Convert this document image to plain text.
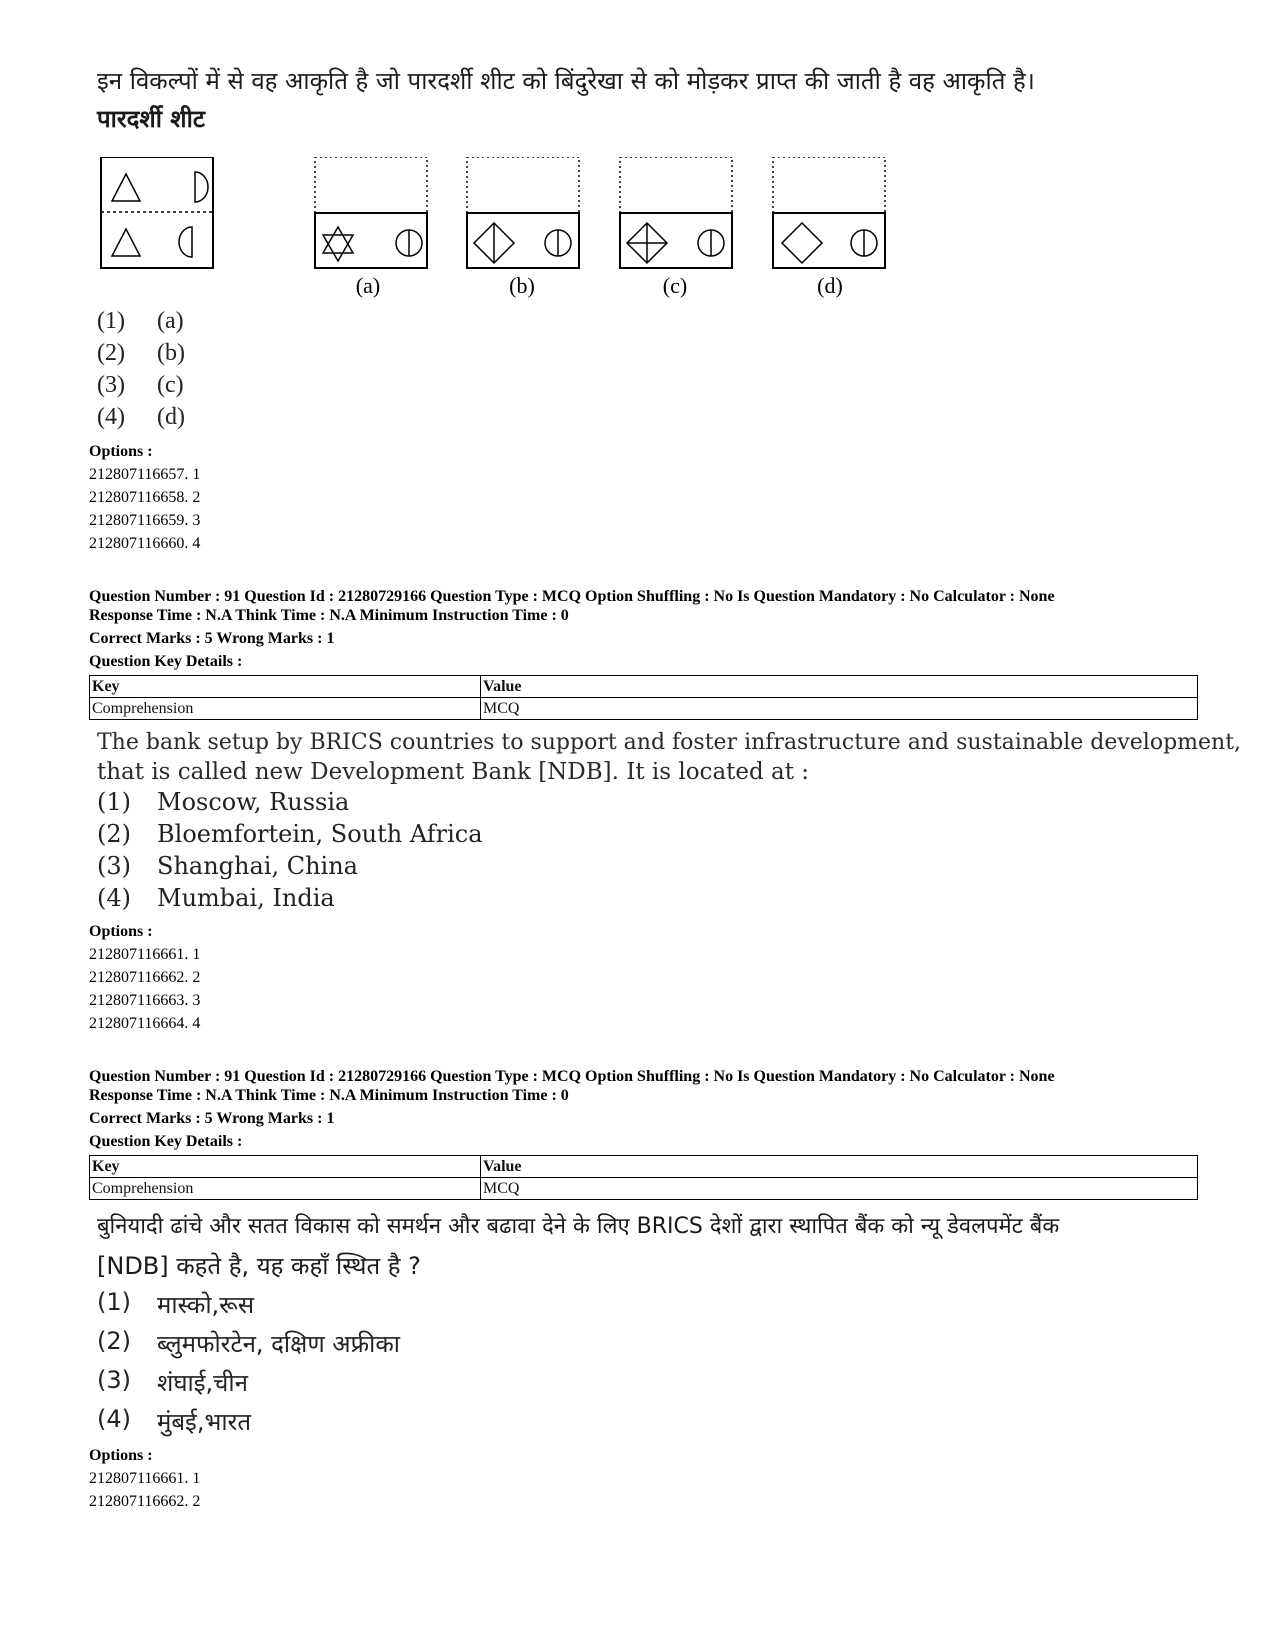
इन विकल्पों में से वह आकृति है जो पारदर्शी शीट को बिंदुरेखा से को मोड़कर प्राप्त की जाती है वह आकृति है।
पारदर्शी शीट
(a)	(b)	(c)	(d)
(1) (a)
(2) (b)
(3) (c)
(4) (d)
Options :
212807116657. 1
212807116658. 2
212807116659. 3
212807116660. 4
Question Number : 91 Question Id : 21280729166 Question Type : MCQ Option Shuffling : No Is Question Mandatory : No Calculator : None
Response Time : N.A Think Time : N.A Minimum Instruction Time : 0
Correct Marks : 5 Wrong Marks : 1
Question Key Details :
Key	Value
Comprehension	MCQ
The bank setup by BRICS countries to support and foster infrastructure and sustainable development,
that is called new Development Bank [NDB]. It is located at :
(1) Moscow, Russia
(2) Bloemfortein, South Africa
(3) Shanghai, China
(4) Mumbai, India
Options :
212807116661. 1
212807116662. 2
212807116663. 3
212807116664. 4
Question Number : 91 Question Id : 21280729166 Question Type : MCQ Option Shuffling : No Is Question Mandatory : No Calculator : None
Response Time : N.A Think Time : N.A Minimum Instruction Time : 0
Correct Marks : 5 Wrong Marks : 1
Question Key Details :
Key	Value
Comprehension	MCQ
बुनियादी ढांचे और सतत विकास को समर्थन और बढावा देने के लिए BRICS देशों द्वारा स्थापित बैंक को न्यू डेवलपमेंट बैंक
[NDB] कहते है, यह कहाँ स्थित है ?
(1) मास्को,रूस
(2) ब्लुमफोरटेन, दक्षिण अफ्रीका
(3) शंघाई,चीन
(4) मुंबई,भारत
Options :
212807116661. 1
212807116662. 2
